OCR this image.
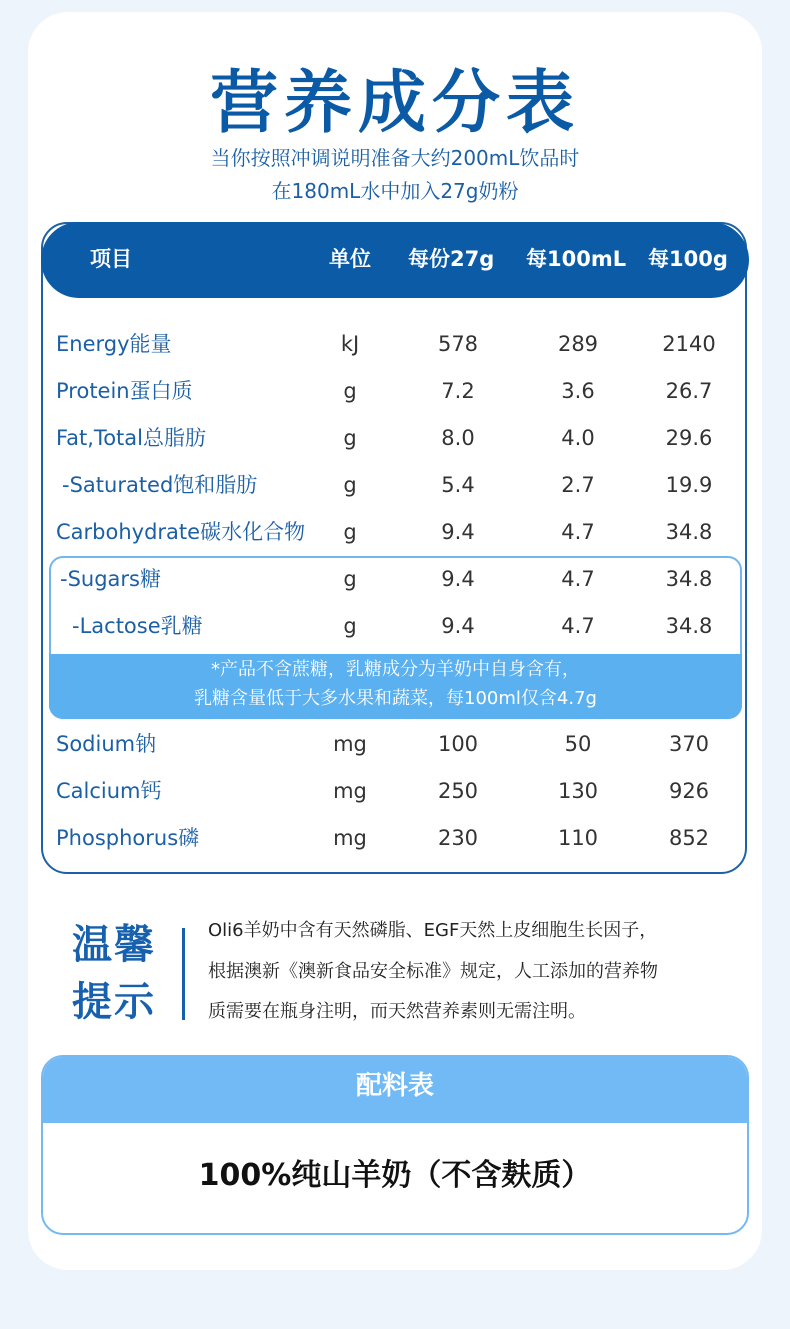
营养成分表
当你按照冲调说明准备大约200mL饮品时
在180mL水中加入27g奶粉
项目	单位 每份27g 每100mL 每100g
*产品不含蔗糖，乳糖成分为羊奶中自身含有，
乳糖含量低于大多水果和蔬菜，每100ml仅含4.7g
Energy能量	kJ	578	289	2140
Protein蛋白质	g	7.2	3.6	26.7
Fat,Total总脂肪	g	8.0	4.0	29.6
-Saturated饱和脂肪	g	5.4	2.7	19.9
Carbohydrate碳水化合物	g	9.4	4.7	34.8
-Sugars糖	g	9.4	4.7	34.8
-Lactose乳糖	g	9.4	4.7	34.8
Sodium钠	mg	100	50	370
Calcium钙	mg	250	130	926
Phosphorus磷	mg	230	110	852
温馨
提示
Oli6羊奶中含有天然磷脂、EGF天然上皮细胞生长因子，
根据澳新《澳新食品安全标准》规定，人工添加的营养物
质需要在瓶身注明，而天然营养素则无需注明。
配料表
100%纯山羊奶（不含麸质）
